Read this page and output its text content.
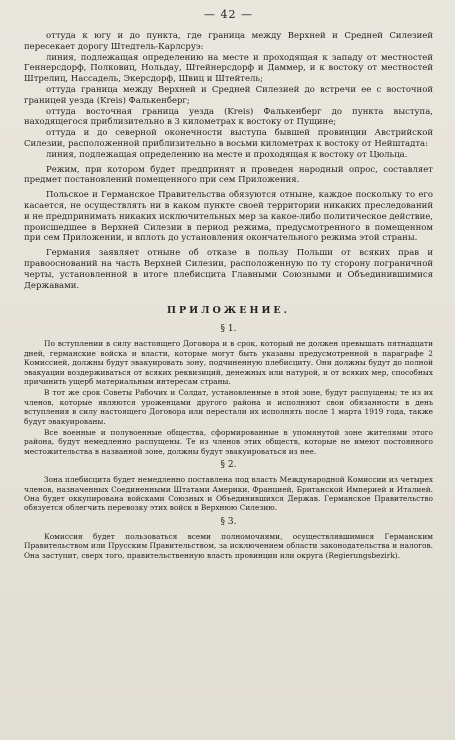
— 42 —

оттуда к югу и до пункта, где граница между Верхней и Средней Силезией пересекает дорогу Штедтель-Карлсруэ:

линия, подлежащая определению на месте и проходящая к западу от местностей Геннерсдорф, Полковиц, Нольдау, Штейнерсдорф и Даммер, и к востоку от местностей Штрелиц, Нассадель, Экерсдорф, Швиц и Штейтель;

оттуда граница между Верхней и Средней Силезией до встречи ее с восточной границей уезда (Kreis) Фалькенберг;

оттуда восточная граница уезда (Kreis) Фалькенберг до пункта выступа, находящегося приблизительно в 3 километрах к востоку от Пущине;

оттуда и до северной оконечности выступа бывшей провинции Австрийской Силезии, расположенной приблизительно в восьми километрах к востоку от Нейштадта:

линия, подлежащая определению на месте и проходящая к востоку от Цюльца.

Режим, при котором будет предпринят и проведен народный опрос, составляет предмет постановлений помещенного при сем Приложения.

Польское и Германское Правительства обязуются отныне, каждое поскольку то его касается, не осуществлять ни в каком пункте своей территории никаких преследований и не предпринимать никаких исключительных мер за какое-либо политическое действие, происшедшее в Верхней Силезии в период режима, предусмотренного в помещенном при сем Приложении, и вплоть до установления окончательного режима этой страны.

Германия заявляет отныне об отказе в пользу Польши от всяких прав и правооснований на часть Верхней Силезии, расположенную по ту сторону пограничной черты, установленной в итоге плебисцита Главными Союзными и Объединившимися Державами.

ПРИЛОЖЕНИЕ.
§ 1.

По вступлении в силу настоящего Договора и в срок, который не должен превышать пятнадцати дней, германские войска и власти, которые могут быть указаны предусмотренной в параграфе 2 Комиссией, должны будут эвакуировать зону, подчиненную плебисциту. Они должны будут до полной эвакуации воздерживаться от всяких реквизиций, денежных или натурой, и от всяких мер, способных причинить ущерб материальным интересам страны.

В тот же срок Советы Рабочих и Солдат, установленные в этой зоне, будут распущены; те из их членов, которые являются уроженцами другого района и исполняют свои обязанности в день вступления в силу настоящего Договора или перестали их исполнять после 1 марта 1919 года, также будут эвакуированы.

Все военные и полувоенные общества, сформированные в упомянутой зоне жителями этого района, будут немедленно распущены. Те из членов этих обществ, которые не имеют постоянного местожительства в названной зоне, должны будут эвакуироваться из нее.

§ 2.

Зона плебисцита будет немедленно поставлена под власть Международной Комиссии из четырех членов, назначенных Соединенными Штатами Америки, Францией, Британской Империей и Италией. Она будет оккупирована войсками Союзных и Объединившихся Держав. Германское Правительство обязуется облегчить перевозку этих войск в Верхнюю Силезию.

§ 3.

Комиссия будет пользоваться всеми полномочиями, осуществлявшимися Германским Правительством или Прусским Правительством, за исключением области законодательства и налогов. Она заступит, сверх того, правительственную власть провинции или округа (Regierungsbezirk).
